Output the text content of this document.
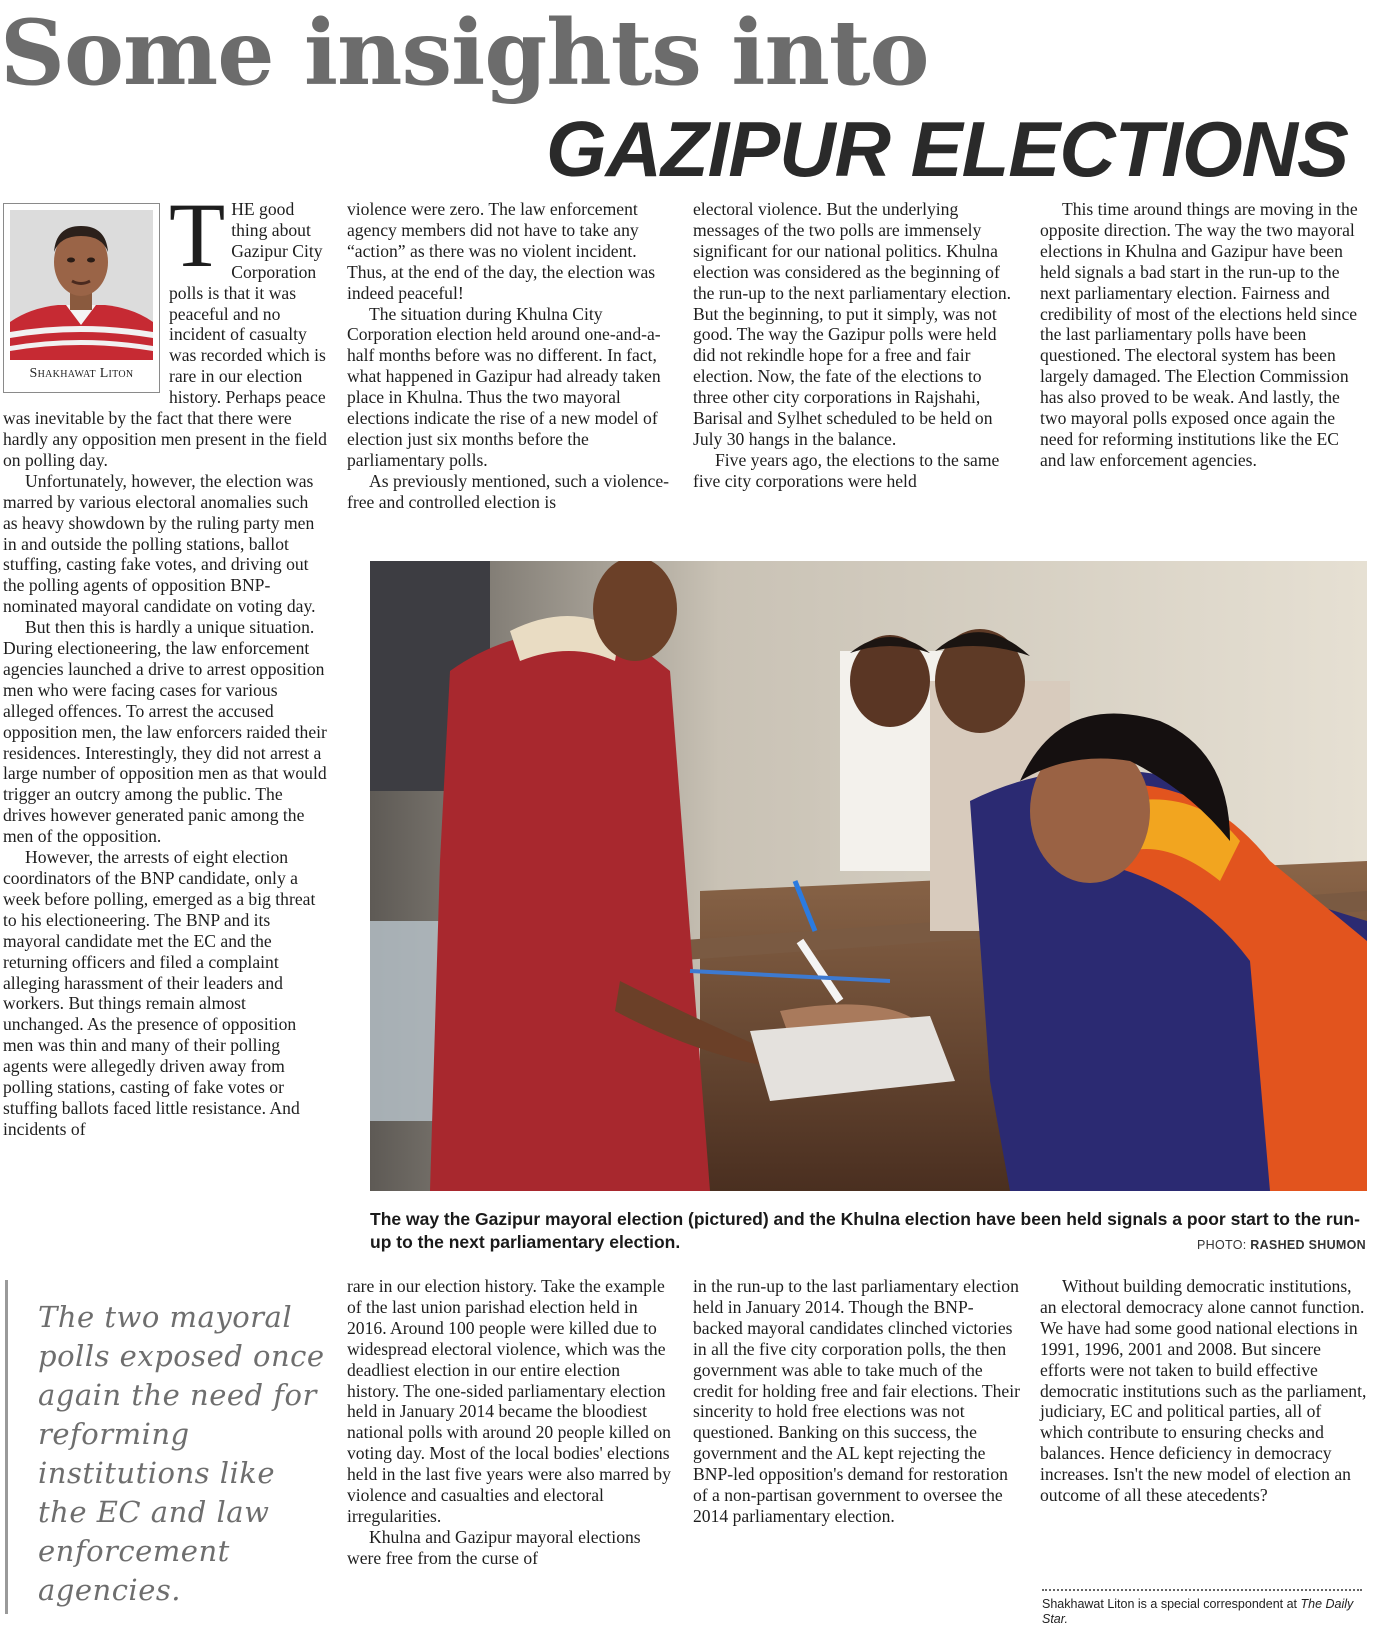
Some insights into
GAZIPUR ELECTIONS
Shakhawat Liton

THE good thing about Gazipur City Corporation polls is that it was peaceful and no incident of casualty was recorded which is rare in our election history. Perhaps peace was inevitable by the fact that there were hardly any opposition men present in the field on polling day.

Unfortunately, however, the election was marred by various electoral anomalies such as heavy showdown by the ruling party men in and outside the polling stations, ballot stuffing, casting fake votes, and driving out the polling agents of opposition BNP-nominated mayoral candidate on voting day.

But then this is hardly a unique situation. During electioneering, the law enforcement agencies launched a drive to arrest opposition men who were facing cases for various alleged offences. To arrest the accused opposition men, the law enforcers raided their residences. Interestingly, they did not arrest a large number of opposition men as that would trigger an outcry among the public. The drives however generated panic among the men of the opposition.

However, the arrests of eight election coordinators of the BNP candidate, only a week before polling, emerged as a big threat to his electioneering. The BNP and its mayoral candidate met the EC and the returning officers and filed a complaint alleging harassment of their leaders and workers. But things remain almost unchanged. As the presence of opposition men was thin and many of their polling agents were allegedly driven away from polling stations, casting of fake votes or stuffing ballots faced little resistance. And incidents of

violence were zero. The law enforcement agency members did not have to take any “action” as there was no violent incident. Thus, at the end of the day, the election was indeed peaceful!

The situation during Khulna City Corporation election held around one-and-a-half months before was no different. In fact, what happened in Gazipur had already taken place in Khulna. Thus the two mayoral elections indicate the rise of a new model of election just six months before the parliamentary polls.

As previously mentioned, such a violence-free and controlled election is

electoral violence. But the underlying messages of the two polls are immensely significant for our national politics. Khulna election was considered as the beginning of the run-up to the next parliamentary election. But the beginning, to put it simply, was not good. The way the Gazipur polls were held did not rekindle hope for a free and fair election. Now, the fate of the elections to three other city corporations in Rajshahi, Barisal and Sylhet scheduled to be held on July 30 hangs in the balance.

Five years ago, the elections to the same five city corporations were held

This time around things are moving in the opposite direction. The way the two mayoral elections in Khulna and Gazipur have been held signals a bad start in the run-up to the next parliamentary election. Fairness and credibility of most of the elections held since the last parliamentary polls have been questioned. The electoral system has been largely damaged. The Election Commission has also proved to be weak. And lastly, the two mayoral polls exposed once again the need for reforming institutions like the EC and law enforcement agencies.

The way the Gazipur mayoral election (pictured) and the Khulna election have been held signals a poor start to the run-up to the next parliamentary election.	PHOTO: RASHED SHUMON
The two mayoral polls exposed once again the need for reforming institutions like the EC and law enforcement agencies.

rare in our election history. Take the example of the last union parishad election held in 2016. Around 100 people were killed due to widespread electoral violence, which was the deadliest election in our entire election history. The one-sided parliamentary election held in January 2014 became the bloodiest national polls with around 20 people killed on voting day. Most of the local bodies' elections held in the last five years were also marred by violence and casualties and electoral irregularities.

Khulna and Gazipur mayoral elections were free from the curse of

in the run-up to the last parliamentary election held in January 2014. Though the BNP-backed mayoral candidates clinched victories in all the five city corporation polls, the then government was able to take much of the credit for holding free and fair elections. Their sincerity to hold free elections was not questioned. Banking on this success, the government and the AL kept rejecting the BNP-led opposition's demand for restoration of a non-partisan government to oversee the 2014 parliamentary election.

Without building democratic institutions, an electoral democracy alone cannot function. We have had some good national elections in 1991, 1996, 2001 and 2008. But sincere efforts were not taken to build effective democratic institutions such as the parliament, judiciary, EC and political parties, all of which contribute to ensuring checks and balances. Hence deficiency in democracy increases. Isn't the new model of election an outcome of all these atecedents?

Shakhawat Liton is a special correspondent at The Daily Star.
